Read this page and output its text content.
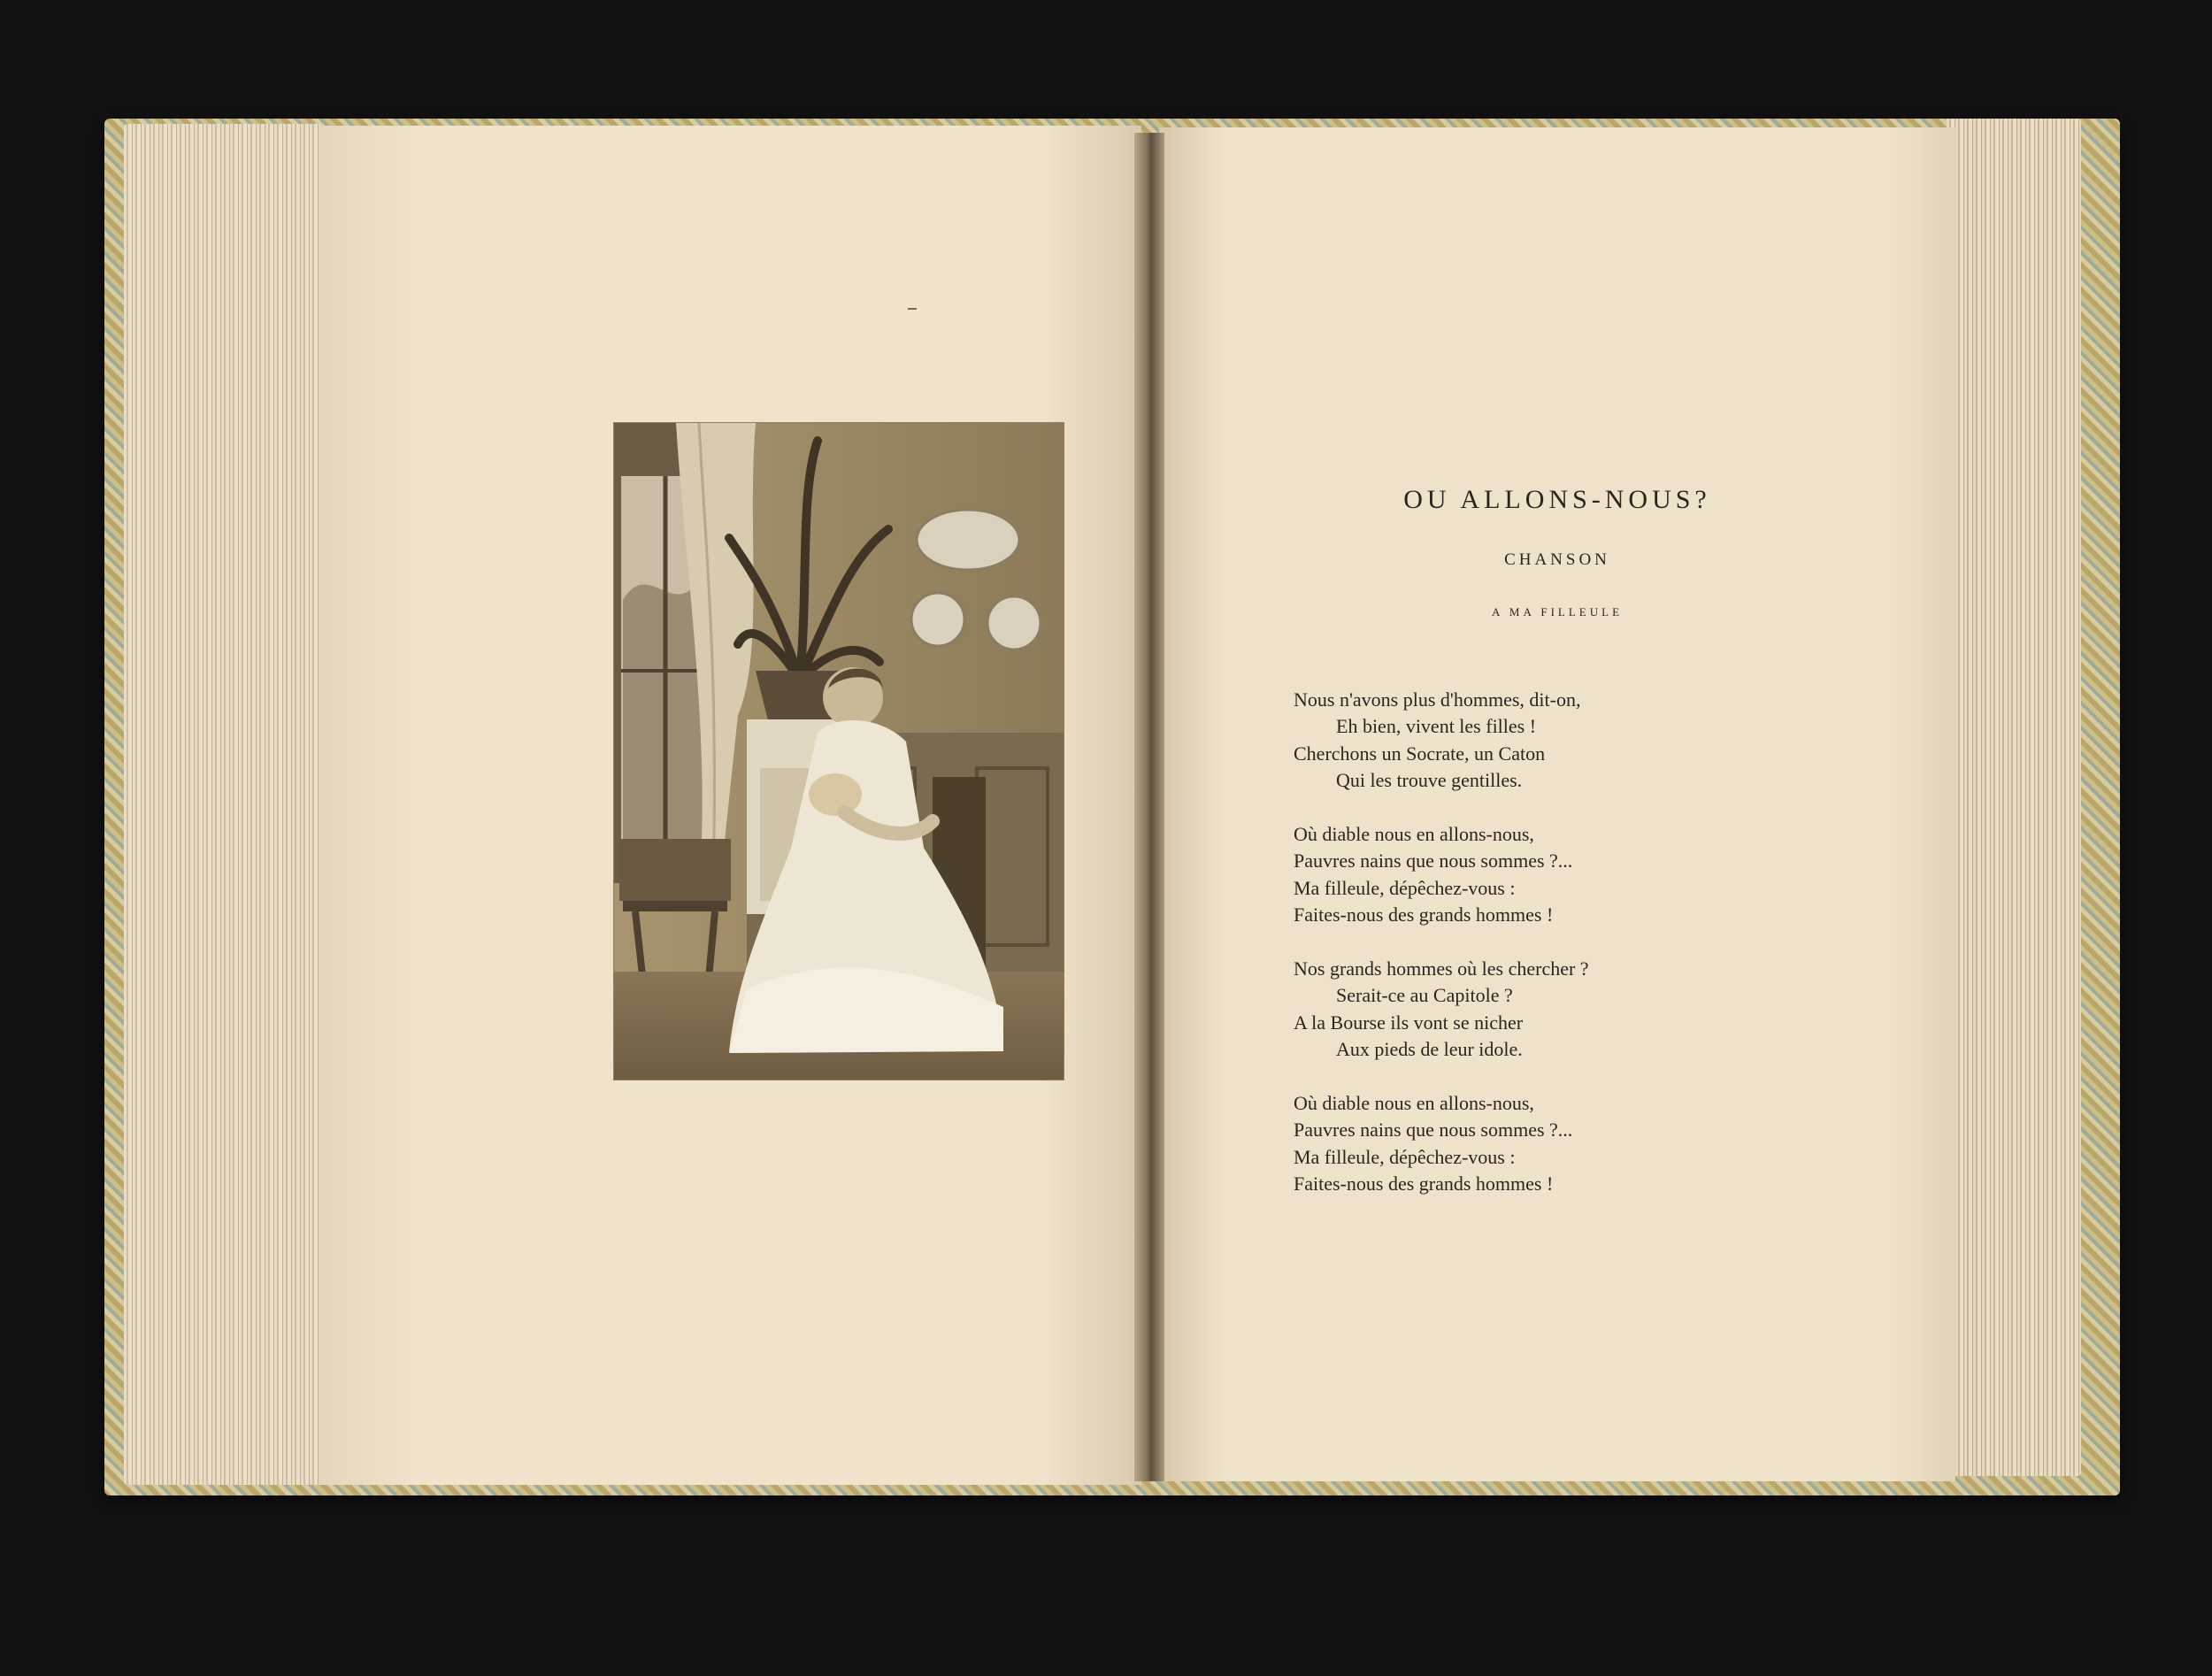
OU ALLONS-NOUS?
CHANSON
A MA FILLEULE
Nous n'avons plus d'hommes, dit-on,
Eh bien, vivent les filles !
Cherchons un Socrate, un Caton
Qui les trouve gentilles.
Où diable nous en allons-nous,
Pauvres nains que nous sommes ?...
Ma filleule, dépêchez-vous :
Faites-nous des grands hommes !
Nos grands hommes où les chercher ?
Serait-ce au Capitole ?
A la Bourse ils vont se nicher
Aux pieds de leur idole.
Où diable nous en allons-nous,
Pauvres nains que nous sommes ?...
Ma filleule, dépêchez-vous :
Faites-nous des grands hommes !
